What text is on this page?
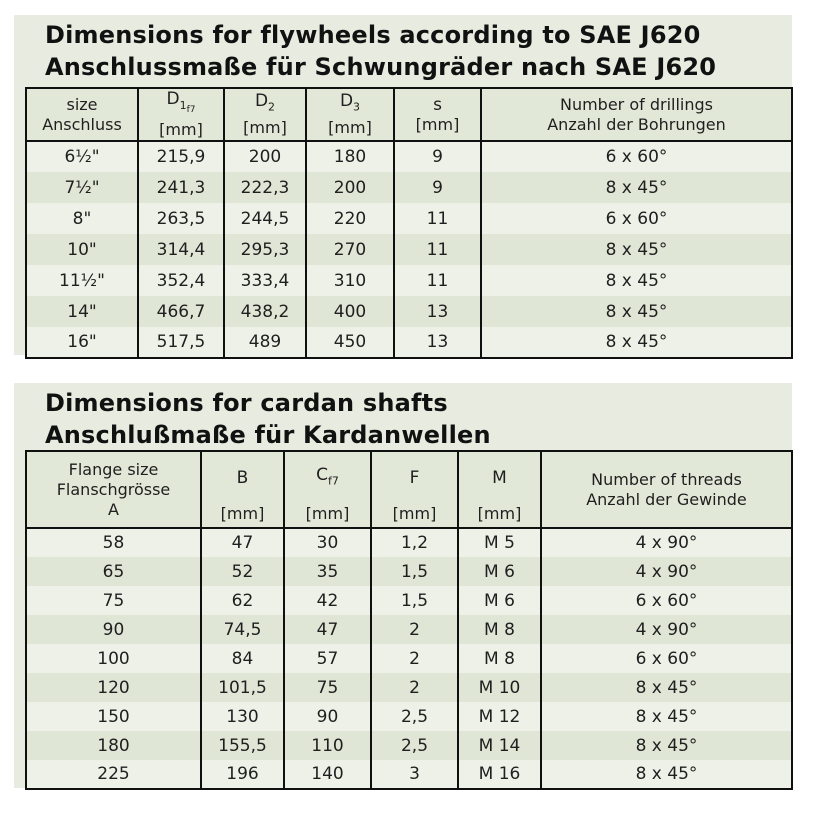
Dimensions for flywheels according to SAE J620
Anschlussmaße für Schwungräder nach SAE J620
size
Anschluss

$D_{1_{f7}}$
[mm]

$D_2$
[mm]

$D_3$
[mm]

s
[mm]

Number of drillings
Anzahl der Bohrungen

6½"	215,9	200	180	9	6 x 60°
7½"	241,3	222,3	200	9	8 x 45°
8"	263,5	244,5	220	11	6 x 60°
10"	314,4	295,3	270	11	8 x 45°
11½"	352,4	333,4	310	11	8 x 45°
14"	466,7	438,2	400	13	8 x 45°
16"	517,5	489	450	13	8 x 45°
Dimensions for cardan shafts
Anschlußmaße für Kardanwellen
Flange size
Flanschgrösse
A

B
[mm]

$C_{f7}$
[mm]

F
[mm]

M
[mm]

Number of threads
Anzahl der Gewinde

58	47	30	1,2	M 5	4 x 90°
65	52	35	1,5	M 6	4 x 90°
75	62	42	1,5	M 6	6 x 60°
90	74,5	47	2	M 8	4 x 90°
100	84	57	2	M 8	6 x 60°
120	101,5	75	2	M 10	8 x 45°
150	130	90	2,5	M 12	8 x 45°
180	155,5	110	2,5	M 14	8 x 45°
225	196	140	3	M 16	8 x 45°
